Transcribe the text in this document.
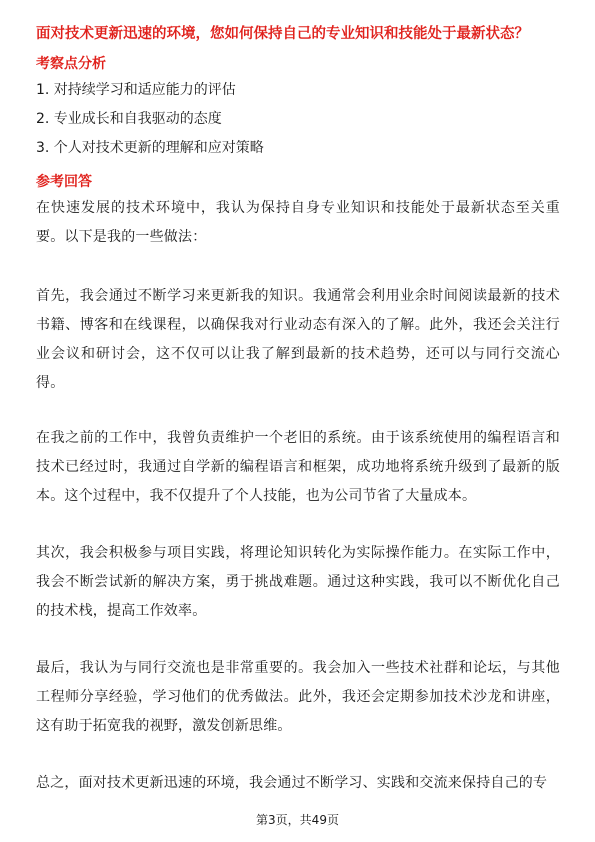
面对技术更新迅速的环境，您如何保持自己的专业知识和技能处于最新状态？
考察点分析
1. 对持续学习和适应能力的评估
2. 专业成长和自我驱动的态度
3. 个人对技术更新的理解和应对策略
参考回答
在快速发展的技术环境中，我认为保持自身专业知识和技能处于最新状态至关重要。以下是我的一些做法：
首先，我会通过不断学习来更新我的知识。我通常会利用业余时间阅读最新的技术书籍、博客和在线课程，以确保我对行业动态有深入的了解。此外，我还会关注行业会议和研讨会，这不仅可以让我了解到最新的技术趋势，还可以与同行交流心得。
在我之前的工作中，我曾负责维护一个老旧的系统。由于该系统使用的编程语言和技术已经过时，我通过自学新的编程语言和框架，成功地将系统升级到了最新的版本。这个过程中，我不仅提升了个人技能，也为公司节省了大量成本。
其次，我会积极参与项目实践，将理论知识转化为实际操作能力。在实际工作中，我会不断尝试新的解决方案，勇于挑战难题。通过这种实践，我可以不断优化自己的技术栈，提高工作效率。
最后，我认为与同行交流也是非常重要的。我会加入一些技术社群和论坛，与其他工程师分享经验，学习他们的优秀做法。此外，我还会定期参加技术沙龙和讲座，这有助于拓宽我的视野，激发创新思维。
总之，面对技术更新迅速的环境，我会通过不断学习、实践和交流来保持自己的专
第3页，共49页
